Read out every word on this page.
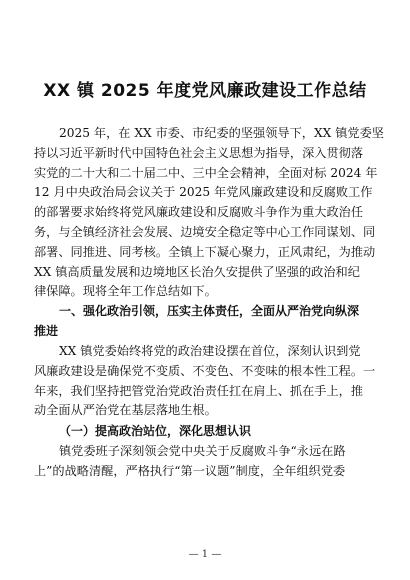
XX 镇 2025 年度党风廉政建设工作总结
2025 年，在 XX 市委、市纪委的坚强领导下，XX 镇党委坚
持以习近平新时代中国特色社会主义思想为指导，深入贯彻落
实党的二十大和二十届二中、三中全会精神，全面对标 2024 年
12 月中央政治局会议关于 2025 年党风廉政建设和反腐败工作
的部署要求始终将党风廉政建设和反腐败斗争作为重大政治任
务，与全镇经济社会发展、边境安全稳定等中心工作同谋划、同
部署、同推进、同考核。全镇上下凝心聚力，正风肃纪，为推动
XX 镇高质量发展和边境地区长治久安提供了坚强的政治和纪
律保障。现将全年工作总结如下。
一、强化政治引领，压实主体责任，全面从严治党向纵深
推进
XX 镇党委始终将党的政治建设摆在首位，深刻认识到党
风廉政建设是确保党不变质、不变色、不变味的根本性工程。一
年来，我们坚持把管党治党政治责任扛在肩上、抓在手上，推
动全面从严治党在基层落地生根。
（一）提高政治站位，深化思想认识
镇党委班子深刻领会党中央关于反腐败斗争“永远在路
上”的战略清醒，严格执行“第一议题”制度，全年组织党委
— 1 —
